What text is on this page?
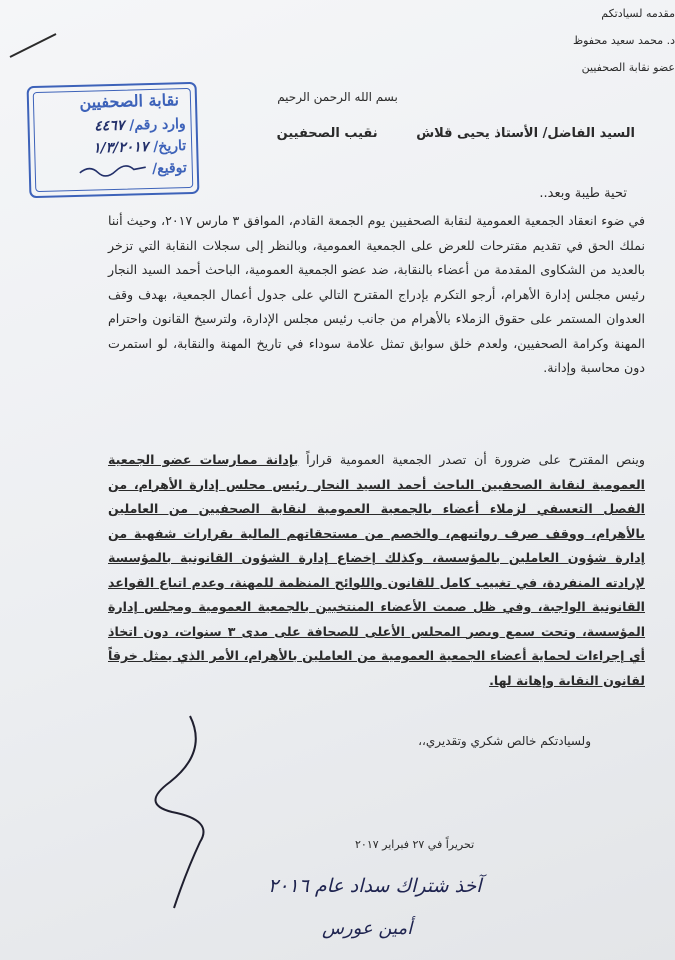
نقابة الصحفيين
وارد رقم/ ٤٤٦٧
تاريخ/ ١/٣/٢٠١٧
توقيع/
بسم الله الرحمن الرحيم
السيد الفاضل/ الأستاذ يحيى قلاش نقيب الصحفيين
تحية طيبة وبعد..
في ضوء انعقاد الجمعية العمومية لنقابة الصحفيين يوم الجمعة القادم، الموافق ٣ مارس ٢٠١٧، وحيث أننا نملك الحق في تقديم مقترحات للعرض على الجمعية العمومية، وبالنظر إلى سجلات النقابة التي تزخر بالعديد من الشكاوى المقدمة من أعضاء بالنقابة، ضد عضو الجمعية العمومية، الباحث أحمد السيد النجار رئيس مجلس إدارة الأهرام، أرجو التكرم بإدراج المقترح التالي على جدول أعمال الجمعية، بهدف وقف العدوان المستمر على حقوق الزملاء بالأهرام من جانب رئيس مجلس الإدارة، ولترسيخ القانون واحترام المهنة وكرامة الصحفيين، ولعدم خلق سوابق تمثل علامة سوداء في تاريخ المهنة والنقابة، لو استمرت دون محاسبة وإدانة.
وينص المقترح على ضرورة أن تصدر الجمعية العمومية قراراً بإدانة ممارسات عضو الجمعية العمومية لنقابة الصحفيين الباحث أحمد السيد النجار رئيس مجلس إدارة الأهرام، من الفصل التعسفي لزملاء أعضاء بالجمعية العمومية لنقابة الصحفيين من العاملين بالأهرام، ووقف صرف رواتبهم، والخصم من مستحقاتهم المالية بقرارات شفهية من إدارة شؤون العاملين بالمؤسسة، وكذلك إخضاع إدارة الشؤون القانونية بالمؤسسة لإرادته المنفردة، في تغييب كامل للقانون واللوائح المنظمة للمهنة، وعدم اتباع القواعد القانونية الواجبة، وفي ظل صمت الأعضاء المنتخبين بالجمعية العمومية ومجلس إدارة المؤسسة، وتحت سمع وبصر المجلس الأعلى للصحافة على مدى ٣ سنوات، دون اتخاذ أي إجراءات لحماية أعضاء الجمعية العمومية من العاملين بالأهرام، الأمر الذي يمثل خرقاً لقانون النقابة وإهانة لها.
ولسيادتكم خالص شكري وتقديري،،
مقدمه لسيادتكم
د. محمد سعيد محفوظ
عضو نقابة الصحفيين
تحريراً في ٢٧ فبراير ٢٠١٧
آخذ شتراك سداد عام ٢٠١٦
أمين عورس
